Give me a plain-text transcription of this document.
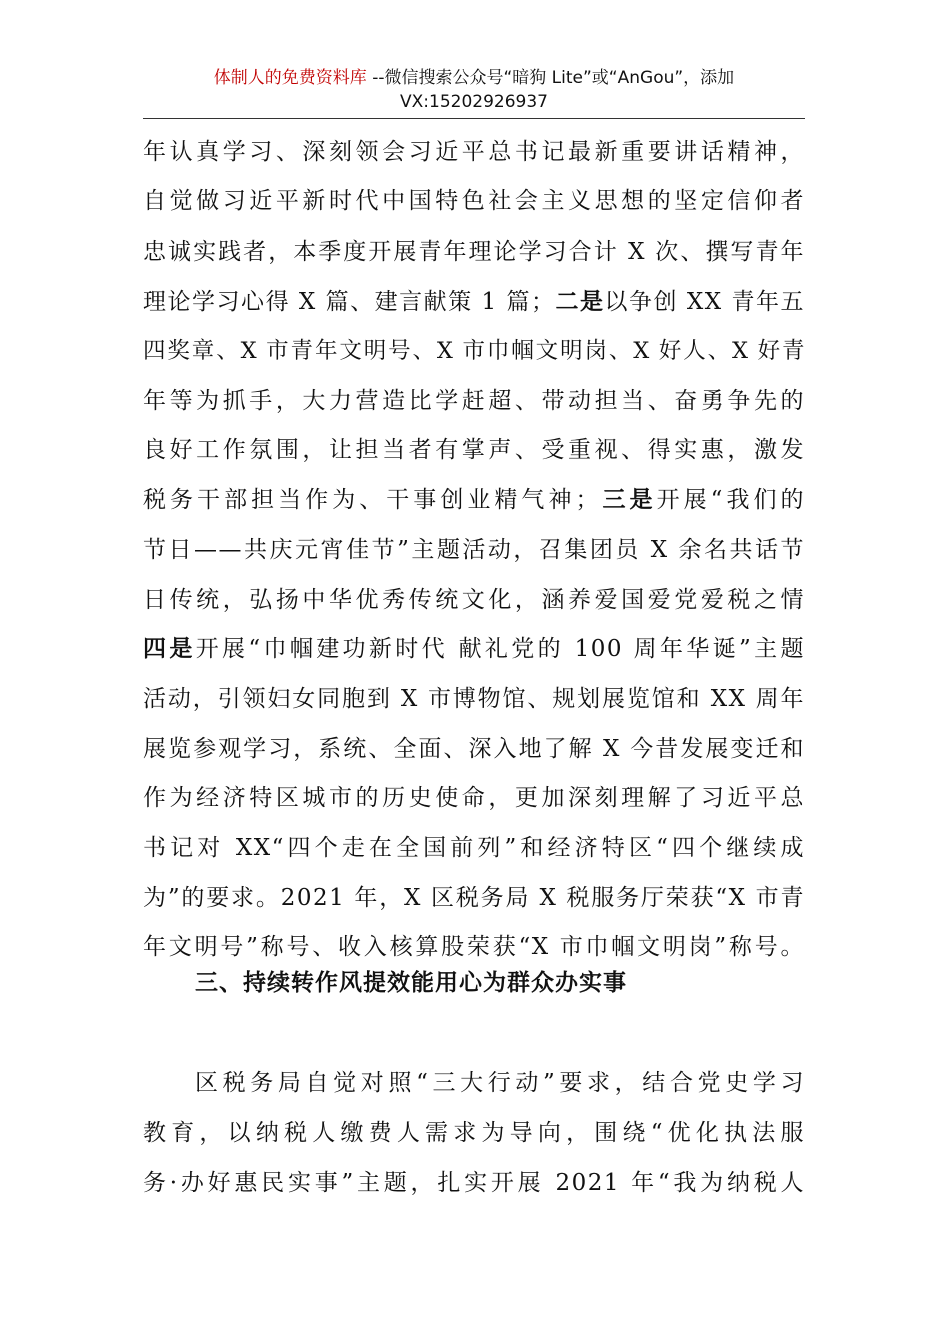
体制人的免费资料库 --微信搜索公众号“暗狗 Lite”或“AnGou”，添加
VX:15202926937
年认真学习、深刻领会习近平总书记最新重要讲话精神，
自觉做习近平新时代中国特色社会主义思想的坚定信仰者
忠诚实践者，本季度开展青年理论学习合计 X 次、撰写青年
理论学习心得 X 篇、建言献策 1 篇；二是以争创 XX 青年五
四奖章、X 市青年文明号、X 市巾帼文明岗、X 好人、X 好青
年等为抓手，大力营造比学赶超、带动担当、奋勇争先的
良好工作氛围，让担当者有掌声、受重视、得实惠，激发
税务干部担当作为、干事创业精气神；三是开展“我们的
节日——共庆元宵佳节”主题活动，召集团员 X 余名共话节
日传统，弘扬中华优秀传统文化，涵养爱国爱党爱税之情
四是开展“巾帼建功新时代 献礼党的 100 周年华诞”主题
活动，引领妇女同胞到 X 市博物馆、规划展览馆和 XX 周年
展览参观学习，系统、全面、深入地了解 X 今昔发展变迁和
作为经济特区城市的历史使命，更加深刻理解了习近平总
书记对 XX“四个走在全国前列”和经济特区“四个继续成
为”的要求。2021 年，X 区税务局 X 税服务厅荣获“X 市青
年文明号”称号、收入核算股荣获“X 市巾帼文明岗”称号。
三、持续转作风提效能用心为群众办实事
区税务局自觉对照“三大行动”要求，结合党史学习
教育，以纳税人缴费人需求为导向，围绕“优化执法服
务·办好惠民实事”主题，扎实开展 2021 年“我为纳税人
